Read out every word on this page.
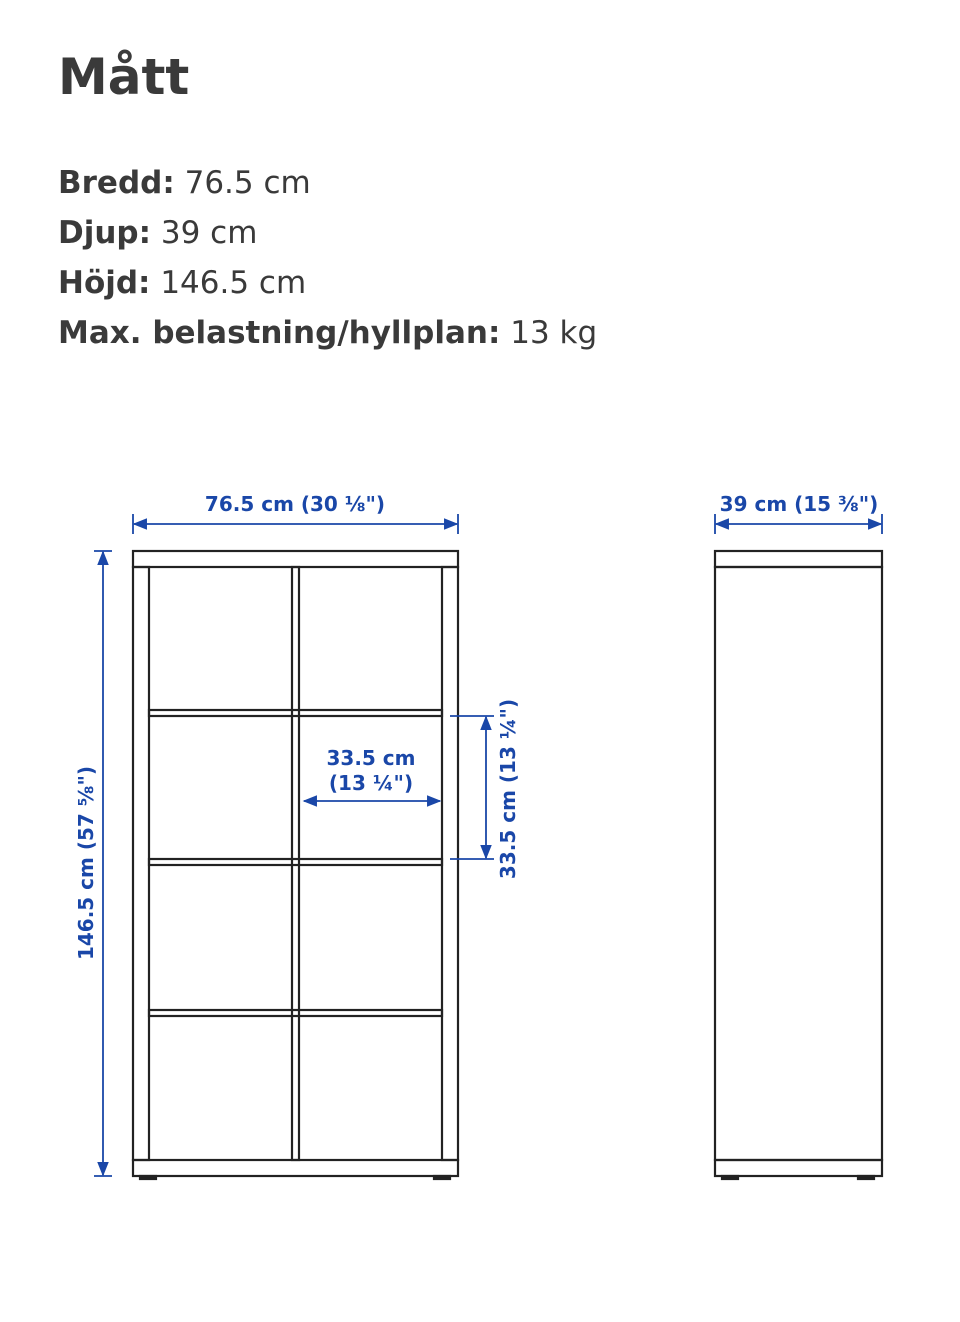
Mått
Bredd: 76.5 cm
Djup: 39 cm
Höjd: 146.5 cm
Max. belastning/hyllplan: 13 kg
76.5 cm (30 ⅛")
146.5 cm (57 ⅝")
33.5 cm
(13 ¼")	33.5 cm (13 ¼")
39 cm (15 ⅜")
